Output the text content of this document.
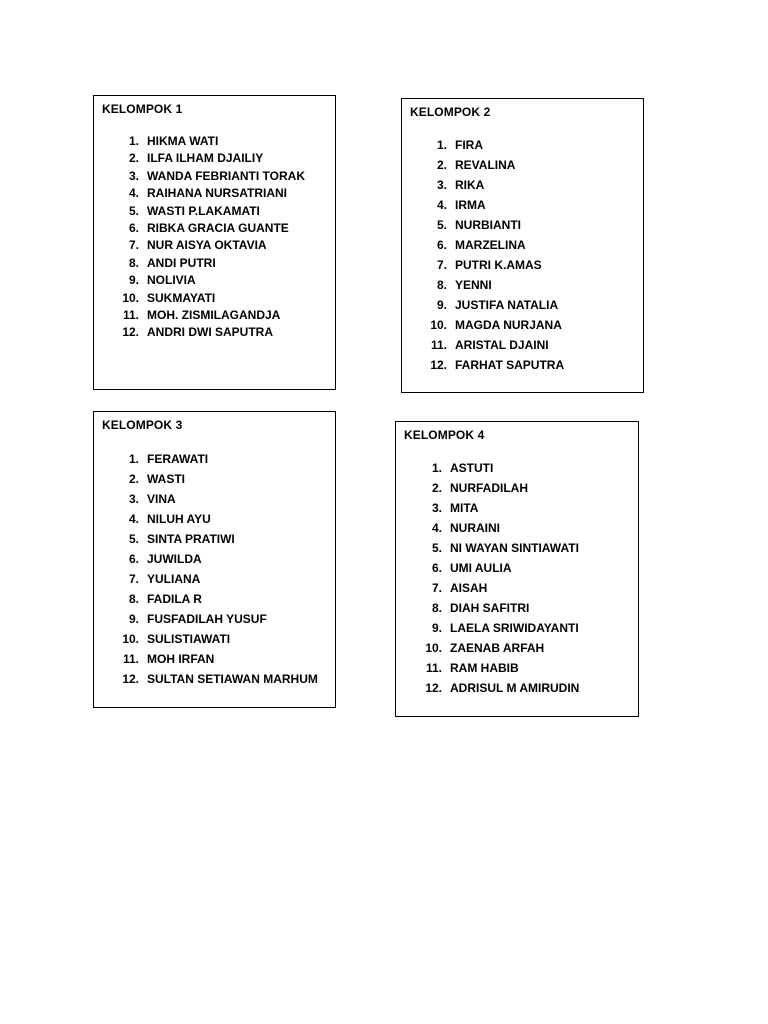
KELOMPOK 1
1. HIKMA WATI
2. ILFA ILHAM DJAILIY
3. WANDA FEBRIANTI TORAK
4. RAIHANA NURSATRIANI
5. WASTI P.LAKAMATI
6. RIBKA GRACIA GUANTE
7. NUR AISYA OKTAVIA
8. ANDI PUTRI
9. NOLIVIA
10. SUKMAYATI
11. MOH. ZISMILAGANDJA
12. ANDRI DWI SAPUTRA
KELOMPOK 2
1. FIRA
2. REVALINA
3. RIKA
4. IRMA
5. NURBIANTI
6. MARZELINA
7. PUTRI K.AMAS
8. YENNI
9. JUSTIFA NATALIA
10. MAGDA NURJANA
11. ARISTAL DJAINI
12. FARHAT SAPUTRA
KELOMPOK 3
1. FERAWATI
2. WASTI
3. VINA
4. NILUH AYU
5. SINTA PRATIWI
6. JUWILDA
7. YULIANA
8. FADILA R
9. FUSFADILAH YUSUF
10. SULISTIAWATI
11. MOH IRFAN
12. SULTAN SETIAWAN MARHUM
KELOMPOK 4
1. ASTUTI
2. NURFADILAH
3. MITA
4. NURAINI
5. NI WAYAN SINTIAWATI
6. UMI AULIA
7. AISAH
8. DIAH SAFITRI
9. LAELA SRIWIDAYANTI
10. ZAENAB ARFAH
11. RAM HABIB
12. ADRISUL M AMIRUDIN
